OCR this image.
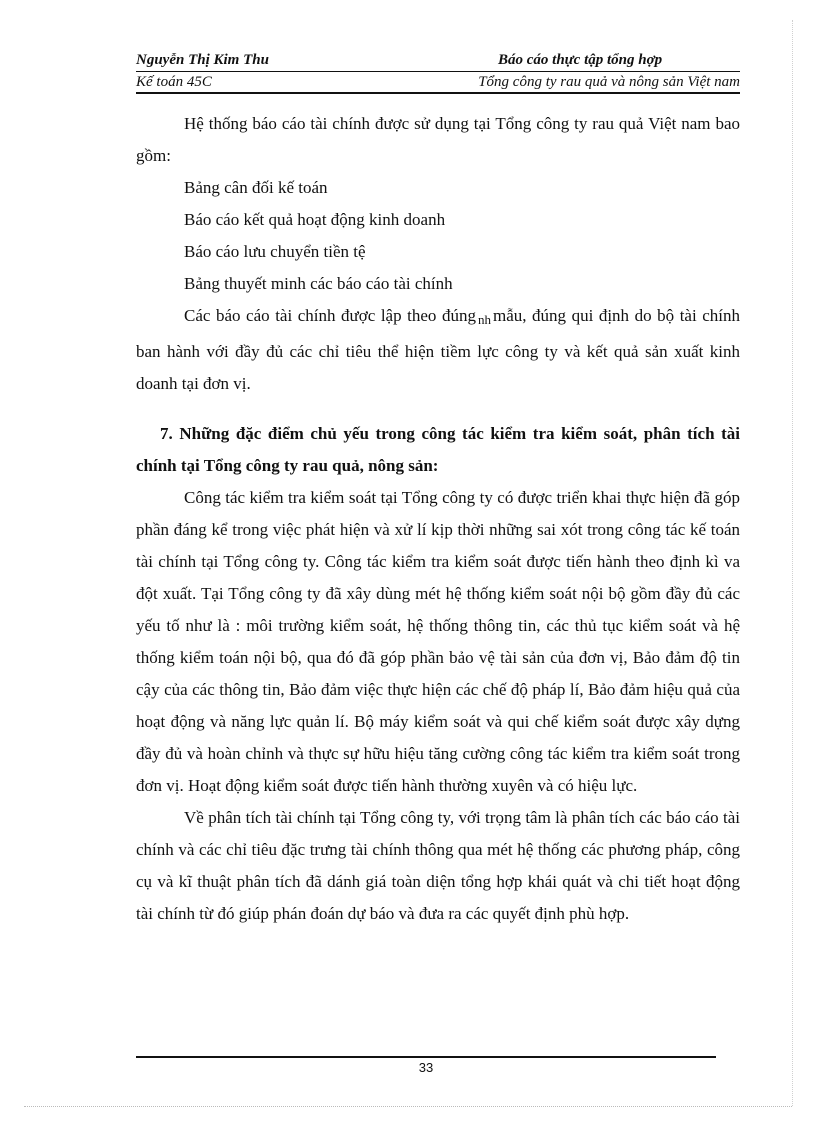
Nguyễn Thị Kim Thu	Báo cáo thực tập tổng hợp
Kế toán 45C	Tổng công ty rau quả và nông sản Việt nam

Hệ thống báo cáo tài chính được sử dụng tại Tổng công ty rau quả Việt nam bao gồm:

Bảng cân đối kế toán

Báo cáo kết quả hoạt động kinh doanh

Báo cáo lưu chuyển tiền tệ

Bảng thuyết minh các báo cáo tài chính

Các báo cáo tài chính được lập theo đúng nh mẫu, đúng qui định do bộ tài chính ban hành với đầy đủ các chỉ tiêu thể hiện tiềm lực công ty và kết quả sản xuất kinh doanh tại đơn vị.

7. Những đặc điểm chủ yếu trong công tác kiểm tra kiểm soát, phân tích tài chính tại Tổng công ty rau quả, nông sản:

Công tác kiểm tra kiểm soát tại Tổng công ty có được triển khai thực hiện đã góp phần đáng kể trong việc phát hiện và xử lí kịp thời những sai xót trong công tác kế toán tài chính tại Tổng công ty. Công tác kiểm tra kiểm soát được tiến hành theo định kì va đột xuất. Tại Tổng công ty đã xây dùng mét hệ thống kiểm soát nội bộ gồm đầy đủ các yếu tố như là : môi trường kiểm soát, hệ thống thông tin, các thủ tục kiểm soát và hệ thống kiểm toán nội bộ, qua đó đã góp phần bảo vệ tài sản của đơn vị, Bảo đảm độ tin cậy của các thông tin, Bảo đảm việc thực hiện các chế độ pháp lí, Bảo đảm hiệu quả của hoạt động và năng lực quản lí. Bộ máy kiểm soát và qui chế kiểm soát được xây dựng đầy đủ và hoàn chỉnh và thực sự hữu hiệu tăng cường công tác kiểm tra kiểm soát trong đơn vị. Hoạt động kiểm soát được tiến hành thường xuyên và có hiệu lực.

Về phân tích tài chính tại Tổng công ty, với trọng tâm là phân tích các báo cáo tài chính và các chỉ tiêu đặc trưng tài chính thông qua mét hệ thống các phương pháp, công cụ và kĩ thuật phân tích đã dánh giá toàn diện tổng hợp khái quát và chi tiết hoạt động tài chính từ đó giúp phán đoán dự báo và đưa ra các quyết định phù hợp.

33
